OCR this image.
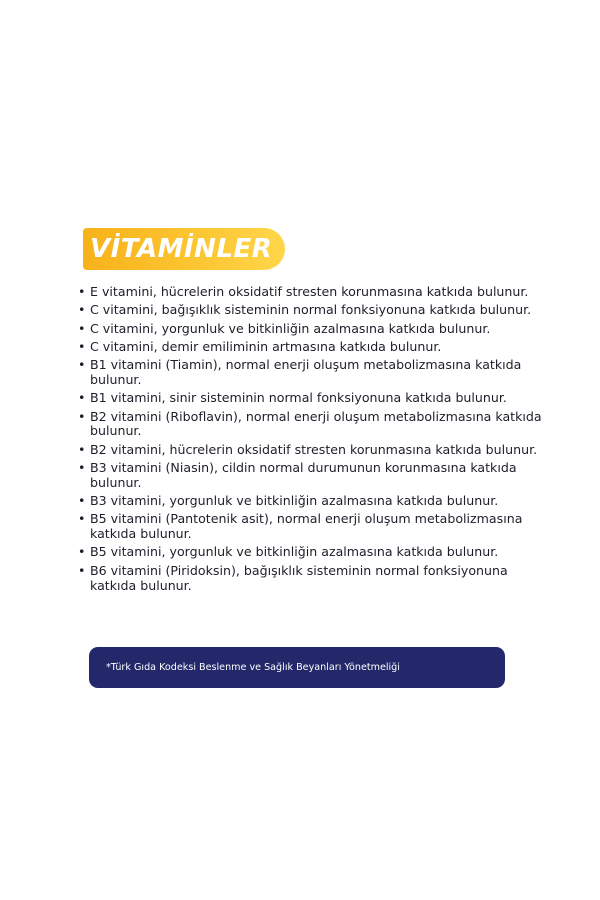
VİTAMİNLER
• E vitamini, hücrelerin oksidatif stresten korunmasına katkıda bulunur.
• C vitamini, bağışıklık sisteminin normal fonksiyonuna katkıda bulunur.
• C vitamini, yorgunluk ve bitkinliğin azalmasına katkıda bulunur.
• C vitamini, demir emiliminin artmasına katkıda bulunur.
• B1 vitamini (Tiamin), normal enerji oluşum metabolizmasına katkıda bulunur.
• B1 vitamini, sinir sisteminin normal fonksiyonuna katkıda bulunur.
• B2 vitamini (Riboflavin), normal enerji oluşum metabolizmasına katkıda bulunur.
• B2 vitamini, hücrelerin oksidatif stresten korunmasına katkıda bulunur.
• B3 vitamini (Niasin), cildin normal durumunun korunmasına katkıda bulunur.
• B3 vitamini, yorgunluk ve bitkinliğin azalmasına katkıda bulunur.
• B5 vitamini (Pantotenik asit), normal enerji oluşum metabolizmasına katkıda bulunur.
• B5 vitamini, yorgunluk ve bitkinliğin azalmasına katkıda bulunur.
• B6 vitamini (Piridoksin), bağışıklık sisteminin normal fonksiyonuna katkıda bulunur.
*Türk Gıda Kodeksi Beslenme ve Sağlık Beyanları Yönetmeliği
